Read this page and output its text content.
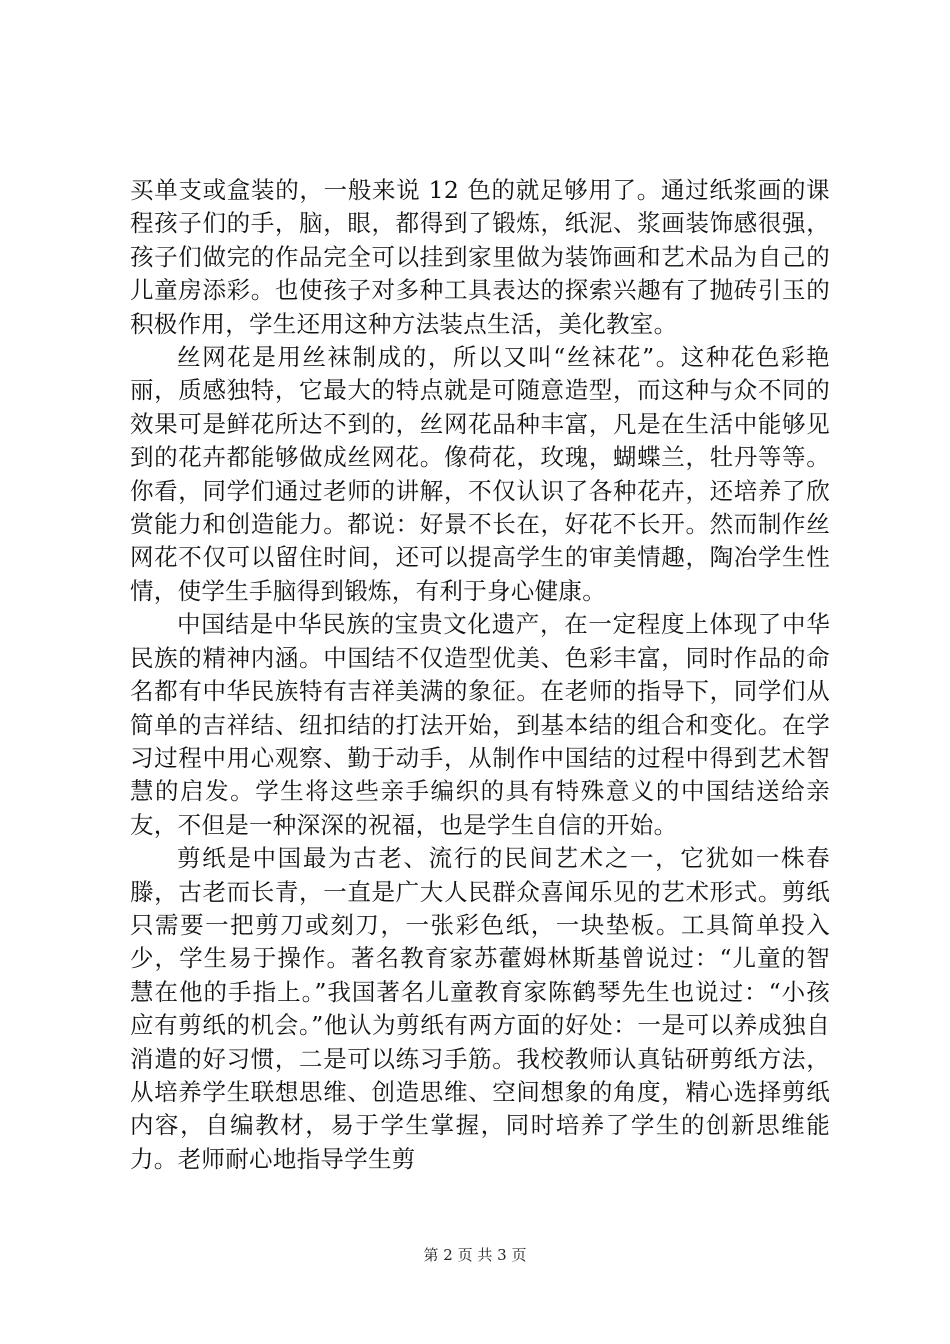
买单支或盒装的，一般来说 12 色的就足够用了。通过纸浆画的课程孩子们的手，脑，眼，都得到了锻炼，纸泥、浆画装饰感很强，孩子们做完的作品完全可以挂到家里做为装饰画和艺术品为自己的儿童房添彩。也使孩子对多种工具表达的探索兴趣有了抛砖引玉的积极作用，学生还用这种方法装点生活，美化教室。

丝网花是用丝袜制成的，所以又叫“丝袜花”。这种花色彩艳丽，质感独特，它最大的特点就是可随意造型，而这种与众不同的效果可是鲜花所达不到的，丝网花品种丰富，凡是在生活中能够见到的花卉都能够做成丝网花。像荷花，玫瑰，蝴蝶兰，牡丹等等。你看，同学们通过老师的讲解，不仅认识了各种花卉，还培养了欣赏能力和创造能力。都说：好景不长在，好花不长开。然而制作丝网花不仅可以留住时间，还可以提高学生的审美情趣，陶冶学生性情，使学生手脑得到锻炼，有利于身心健康。

中国结是中华民族的宝贵文化遗产，在一定程度上体现了中华民族的精神内涵。中国结不仅造型优美、色彩丰富，同时作品的命名都有中华民族特有吉祥美满的象征。在老师的指导下，同学们从简单的吉祥结、纽扣结的打法开始，到基本结的组合和变化。在学习过程中用心观察、勤于动手，从制作中国结的过程中得到艺术智慧的启发。学生将这些亲手编织的具有特殊意义的中国结送给亲友，不但是一种深深的祝福，也是学生自信的开始。

剪纸是中国最为古老、流行的民间艺术之一，它犹如一株春滕，古老而长青，一直是广大人民群众喜闻乐见的艺术形式。剪纸只需要一把剪刀或刻刀，一张彩色纸，一块垫板。工具简单投入少，学生易于操作。著名教育家苏藿姆林斯基曾说过：“儿童的智慧在他的手指上。”我国著名儿童教育家陈鹤琴先生也说过：“小孩应有剪纸的机会。”他认为剪纸有两方面的好处：一是可以养成独自消遣的好习惯，二是可以练习手筋。我校教师认真钻研剪纸方法，从培养学生联想思维、创造思维、空间想象的角度，精心选择剪纸内容，自编教材，易于学生掌握，同时培养了学生的创新思维能力。老师耐心地指导学生剪

第 2 页 共 3 页
